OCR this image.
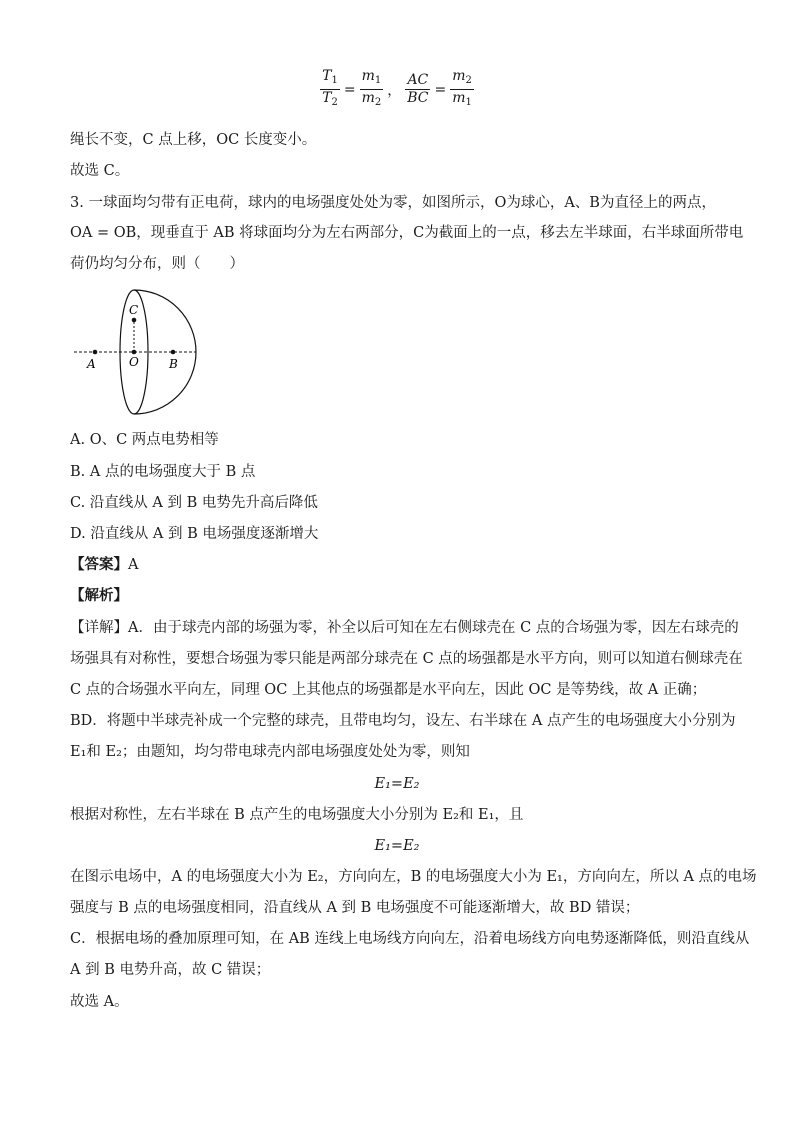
$\frac{T_1}{T_2} = \frac{m_1}{m_2}$ ， $\frac{AC}{BC} = \frac{m_2}{m_1}$
绳长不变，C 点上移，OC 长度变小。
故选 C。
3. 一球面均匀带有正电荷，球内的电场强度处处为零，如图所示，O为球心，A、B为直径上的两点，
OA = OB，现垂直于 AB 将球面均分为左右两部分，C为截面上的一点，移去左半球面，右半球面所带电
荷仍均匀分布，则（　　）
C
A	O	B
A. O、C 两点电势相等
B. A 点的电场强度大于 B 点
C. 沿直线从 A 到 B 电势先升高后降低
D. 沿直线从 A 到 B 电场强度逐渐增大
【答案】A
【解析】
【详解】A．由于球壳内部的场强为零，补全以后可知在左右侧球壳在 C 点的合场强为零，因左右球壳的
场强具有对称性，要想合场强为零只能是两部分球壳在 C 点的场强都是水平方向，则可以知道右侧球壳在
C 点的合场强水平向左，同理 OC 上其他点的场强都是水平向左，因此 OC 是等势线，故 A 正确；
BD．将题中半球壳补成一个完整的球壳，且带电均匀，设左、右半球在 A 点产生的电场强度大小分别为
E₁和 E₂；由题知，均匀带电球壳内部电场强度处处为零，则知
E₁=E₂
根据对称性，左右半球在 B 点产生的电场强度大小分别为 E₂和 E₁，且
E₁=E₂
在图示电场中，A 的电场强度大小为 E₂，方向向左，B 的电场强度大小为 E₁，方向向左，所以 A 点的电场
强度与 B 点的电场强度相同，沿直线从 A 到 B 电场强度不可能逐渐增大，故 BD 错误；
C．根据电场的叠加原理可知，在 AB 连线上电场线方向向左，沿着电场线方向电势逐渐降低，则沿直线从
A 到 B 电势升高，故 C 错误；
故选 A。
